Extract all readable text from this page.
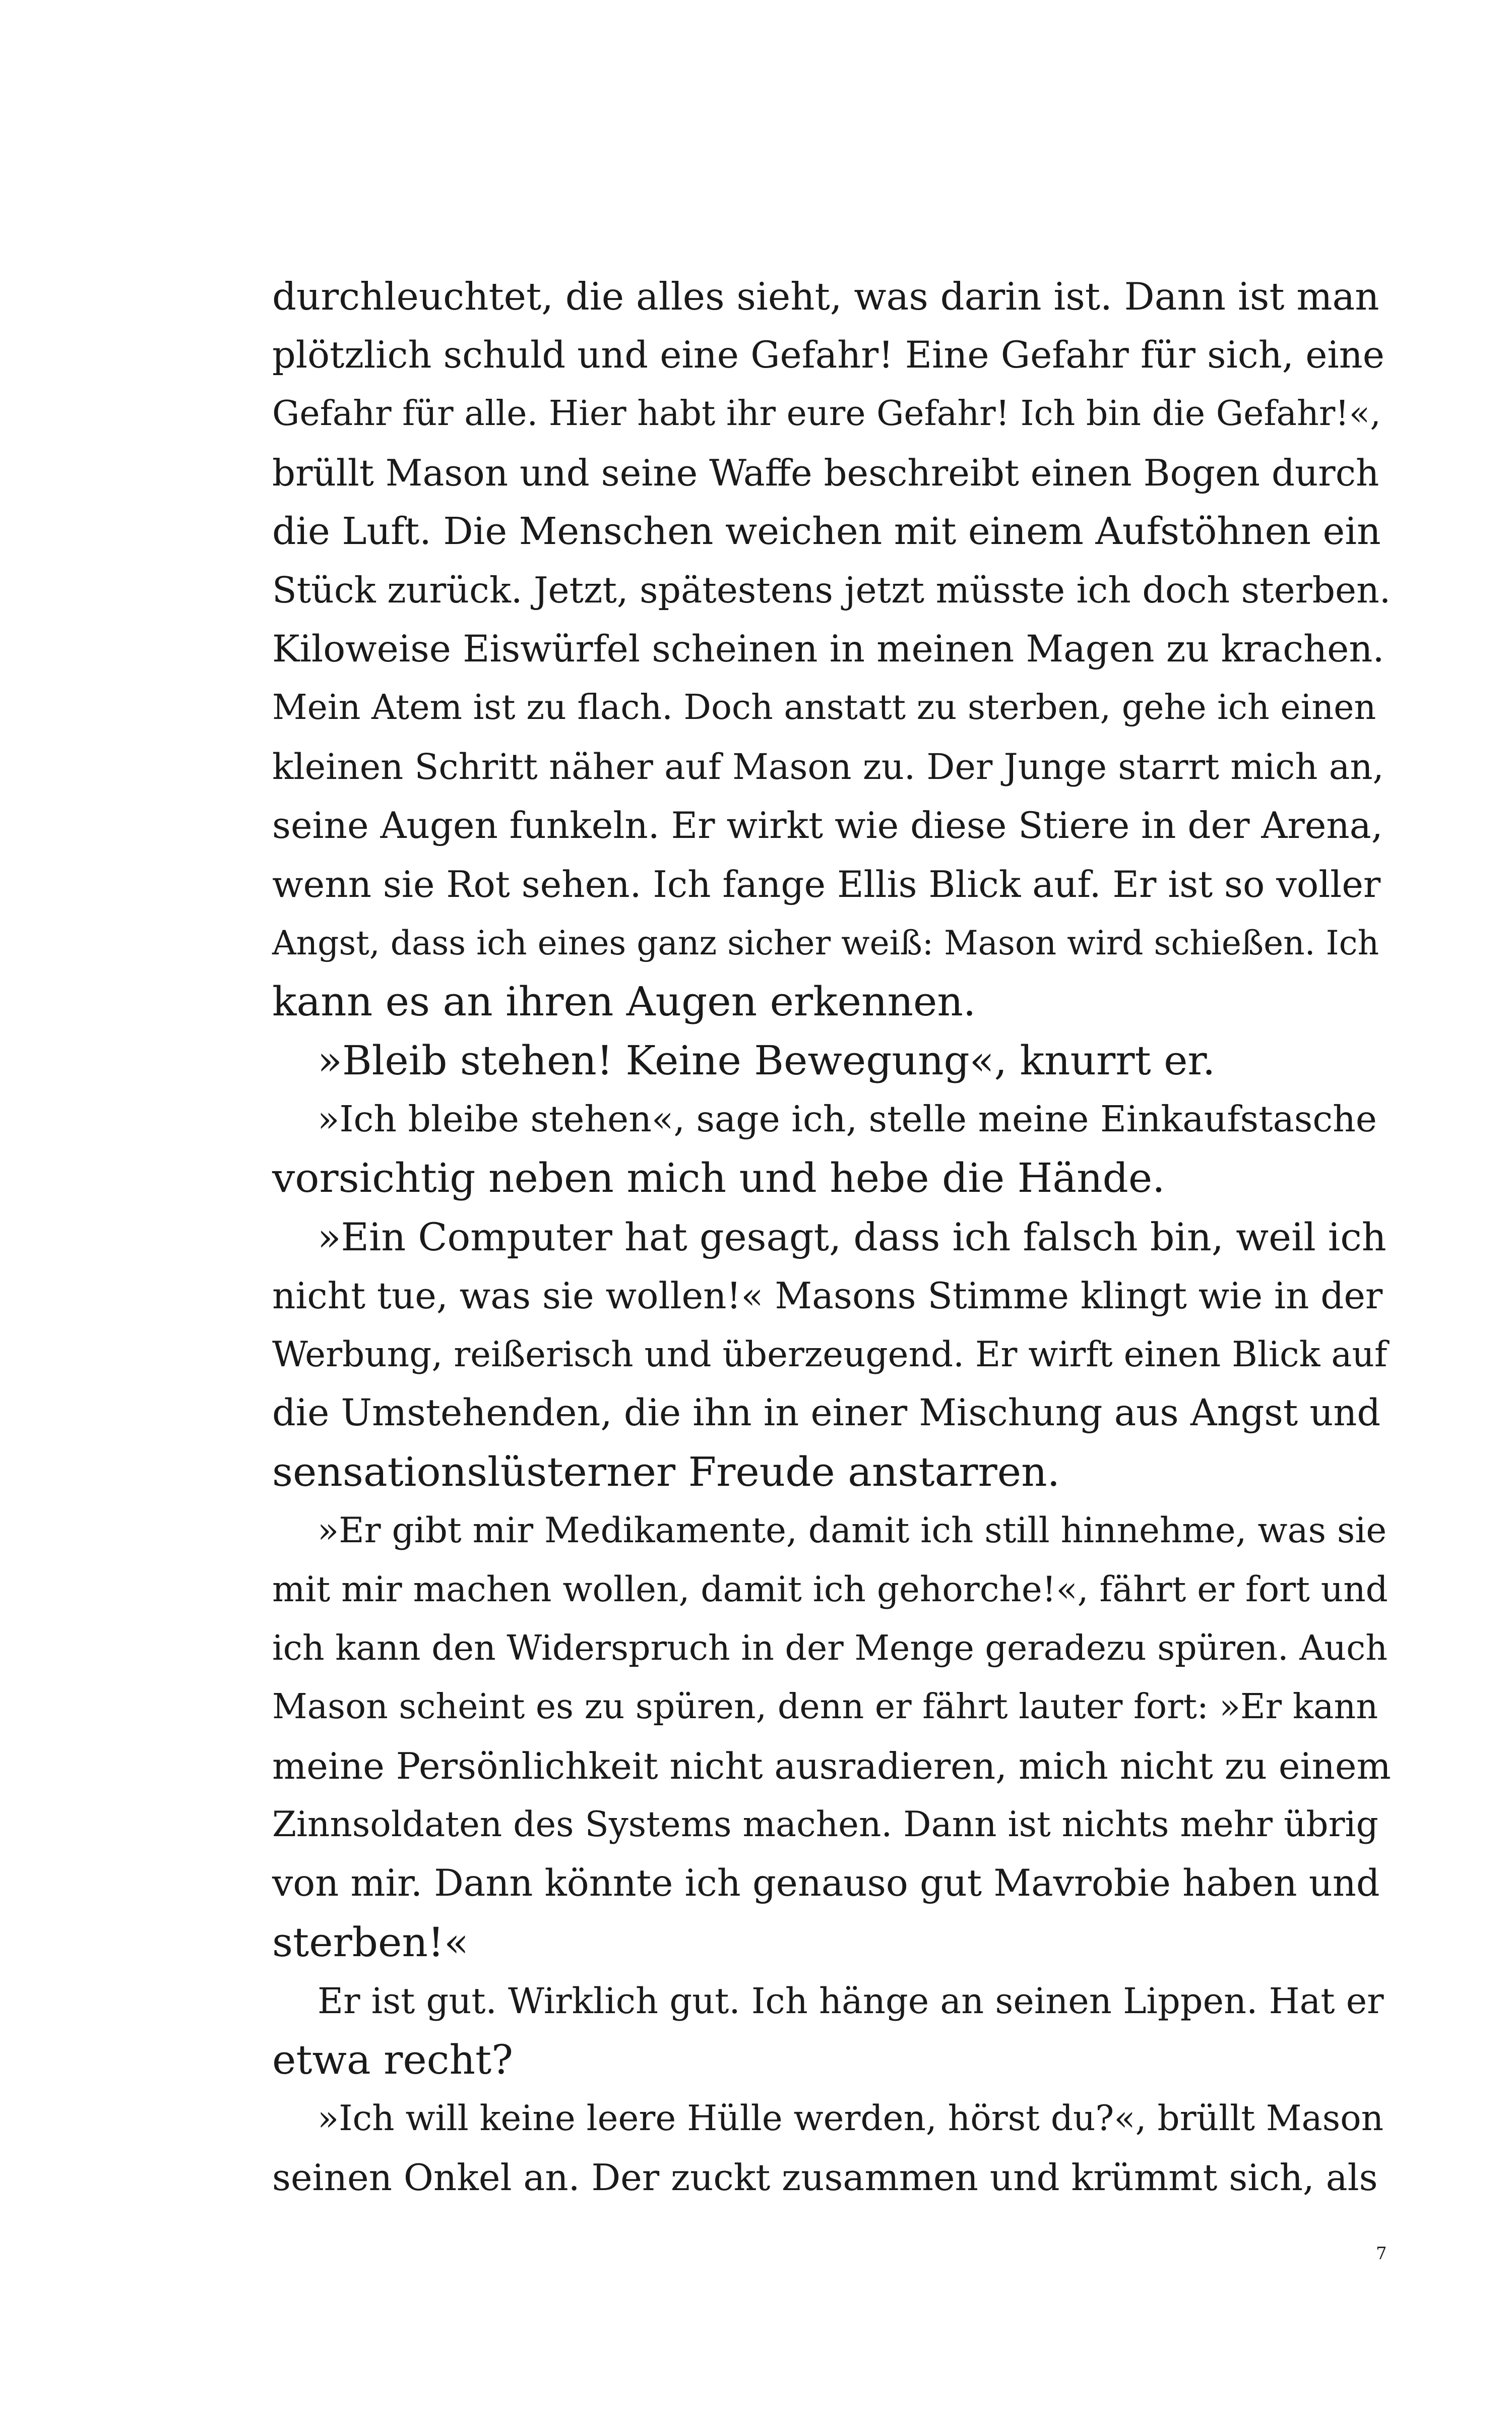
durchleuchtet, die alles sieht, was darin ist. Dann ist man
plötzlich schuld und eine Gefahr! Eine Gefahr für sich, eine
Gefahr für alle. Hier habt ihr eure Gefahr! Ich bin die Gefahr!«,
brüllt Mason und seine Waffe beschreibt einen Bogen durch
die Luft. Die Menschen weichen mit einem Aufstöhnen ein
Stück zurück. Jetzt, spätestens jetzt müsste ich doch sterben.
Kiloweise Eiswürfel scheinen in meinen Magen zu krachen.
Mein Atem ist zu flach. Doch anstatt zu sterben, gehe ich einen
kleinen Schritt näher auf Mason zu. Der Junge starrt mich an,
seine Augen funkeln. Er wirkt wie diese Stiere in der Arena,
wenn sie Rot sehen. Ich fange Ellis Blick auf. Er ist so voller
Angst, dass ich eines ganz sicher weiß: Mason wird schießen. Ich
kann es an ihren Augen erkennen.
»Bleib stehen! Keine Bewegung«, knurrt er.
»Ich bleibe stehen«, sage ich, stelle meine Einkaufstasche
vorsichtig neben mich und hebe die Hände.
»Ein Computer hat gesagt, dass ich falsch bin, weil ich
nicht tue, was sie wollen!« Masons Stimme klingt wie in der
Werbung, reißerisch und überzeugend. Er wirft einen Blick auf
die Umstehenden, die ihn in einer Mischung aus Angst und
sensationslüsterner Freude anstarren.
»Er gibt mir Medikamente, damit ich still hinnehme, was sie
mit mir machen wollen, damit ich gehorche!«, fährt er fort und
ich kann den Widerspruch in der Menge geradezu spüren. Auch
Mason scheint es zu spüren, denn er fährt lauter fort: »Er kann
meine Persönlichkeit nicht ausradieren, mich nicht zu einem
Zinnsoldaten des Systems machen. Dann ist nichts mehr übrig
von mir. Dann könnte ich genauso gut Mavrobie haben und
sterben!«
Er ist gut. Wirklich gut. Ich hänge an seinen Lippen. Hat er
etwa recht?
»Ich will keine leere Hülle werden, hörst du?«, brüllt Mason
seinen Onkel an. Der zuckt zusammen und krümmt sich, als
7
